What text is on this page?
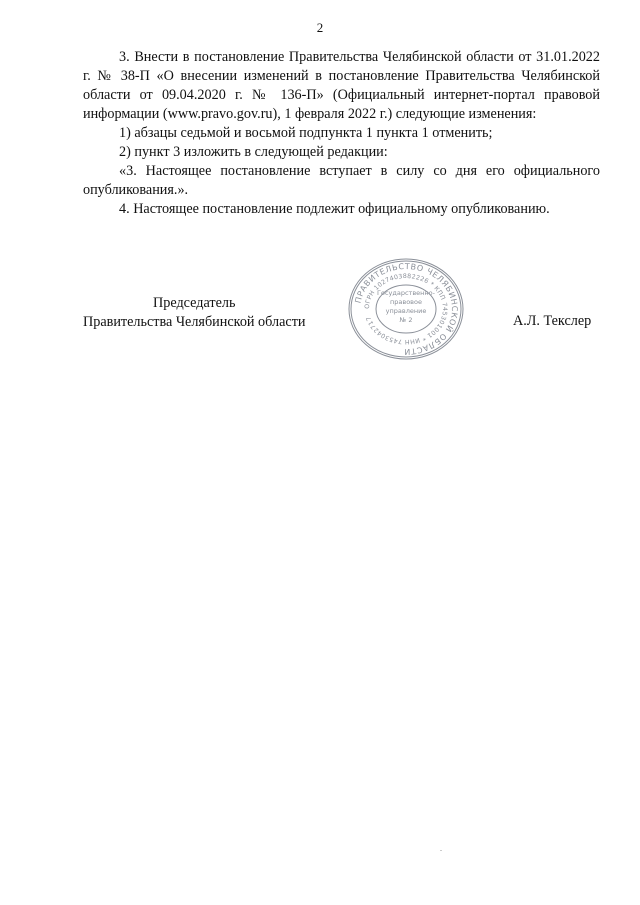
2

3. Внести в постановление Правительства Челябинской области от 31.01.2022 г. № 38-П «О внесении изменений в постановление Правительства Челябинской области от 09.04.2020 г. № 136-П» (Официальный интернет-портал правовой информации (www.pravo.gov.ru), 1 февраля 2022 г.) следующие изменения:

1) абзацы седьмой и восьмой подпункта 1 пункта 1 отменить;

2) пункт 3 изложить в следующей редакции:

«3. Настоящее постановление вступает в силу со дня его официального опубликования.».

4. Настоящее постановление подлежит официальному опубликованию.

Председатель
Правительства Челябинской области
ПРАВИТЕЛЬСТВО ЧЕЛЯБИНСКОЙ ОБЛАСТИ
ОГРН 1027403882226 * КПП 745301001 * ИНН 7453042717
Государственно-
правовое
управление
№ 2	А.Л. Текслер
